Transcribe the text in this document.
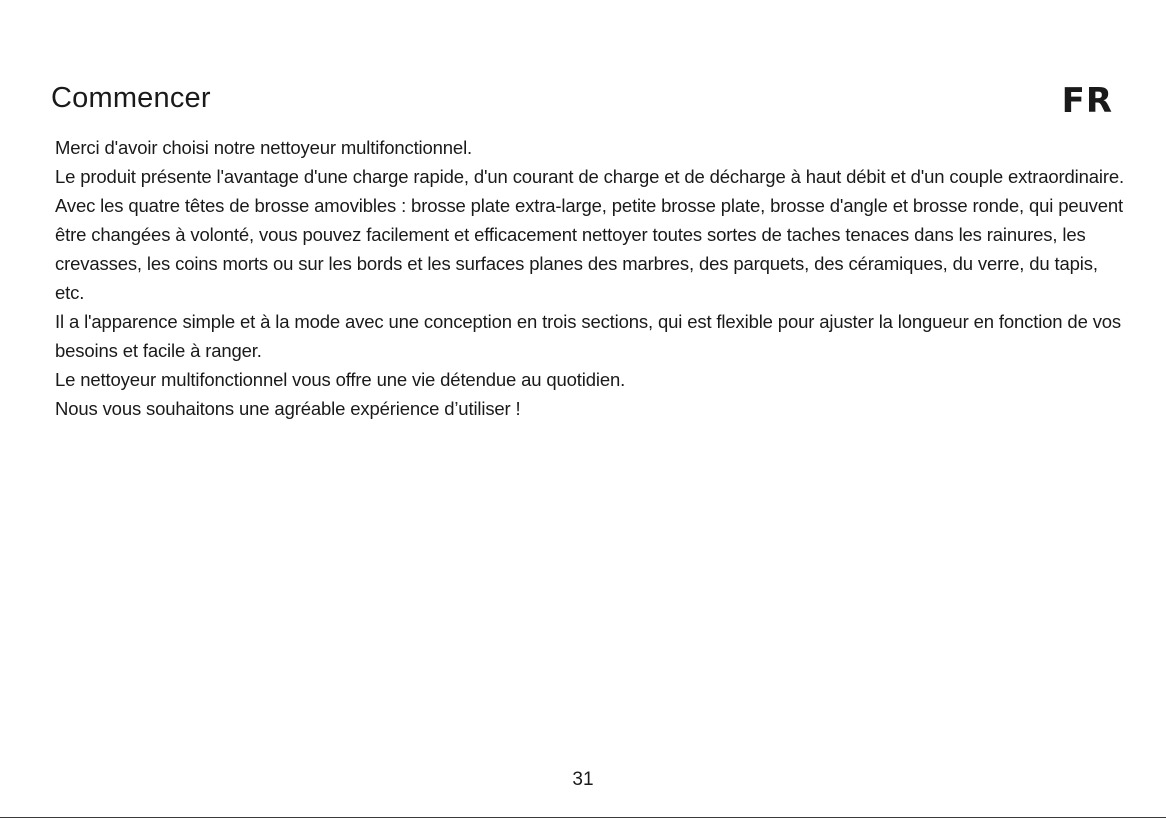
Commencer	FR

Merci d'avoir choisi notre nettoyeur multifonctionnel.

Le produit présente l'avantage d'une charge rapide, d'un courant de charge et de décharge à haut débit et d'un couple extraordinaire. Avec les quatre têtes de brosse amovibles : brosse plate extra-large, petite brosse plate, brosse d'angle et brosse ronde, qui peuvent être changées à volonté, vous pouvez facilement et efficacement nettoyer toutes sortes de taches tenaces dans les rainures, les crevasses, les coins morts ou sur les bords et les surfaces planes des marbres, des parquets, des céramiques, du verre, du tapis, etc.

Il a l'apparence simple et à la mode avec une conception en trois sections, qui est flexible pour ajuster la longueur en fonction de vos besoins et facile à ranger.

Le nettoyeur multifonctionnel vous offre une vie détendue au quotidien.

Nous vous souhaitons une agréable expérience d’utiliser !

31
